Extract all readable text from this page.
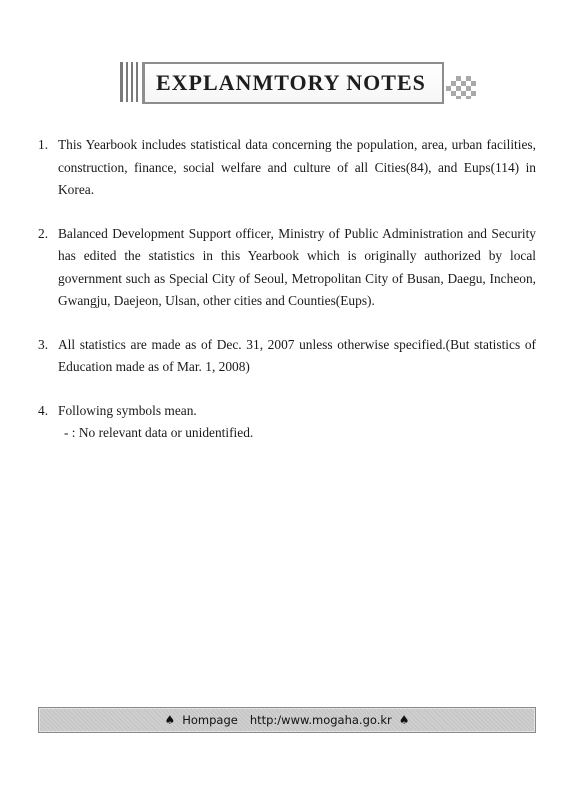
EXPLANMTORY NOTES
1. This Yearbook includes statistical data concerning the population, area, urban facilities, construction, finance, social welfare and culture of all Cities(84), and Eups(114) in Korea.
2. Balanced Development Support officer, Ministry of Public Administration and Security has edited the statistics in this Yearbook which is originally authorized by local government such as Special City of Seoul, Metropolitan City of Busan, Daegu, Incheon, Gwangju, Daejeon, Ulsan, other cities and Counties(Eups).
3. All statistics are made as of Dec. 31, 2007 unless otherwise specified.(But statistics of Education made as of Mar. 1, 2008)
4. Following symbols mean.
- : No relevant data or unidentified.
♠ Hompage http:/www.mogaha.go.kr ♠
